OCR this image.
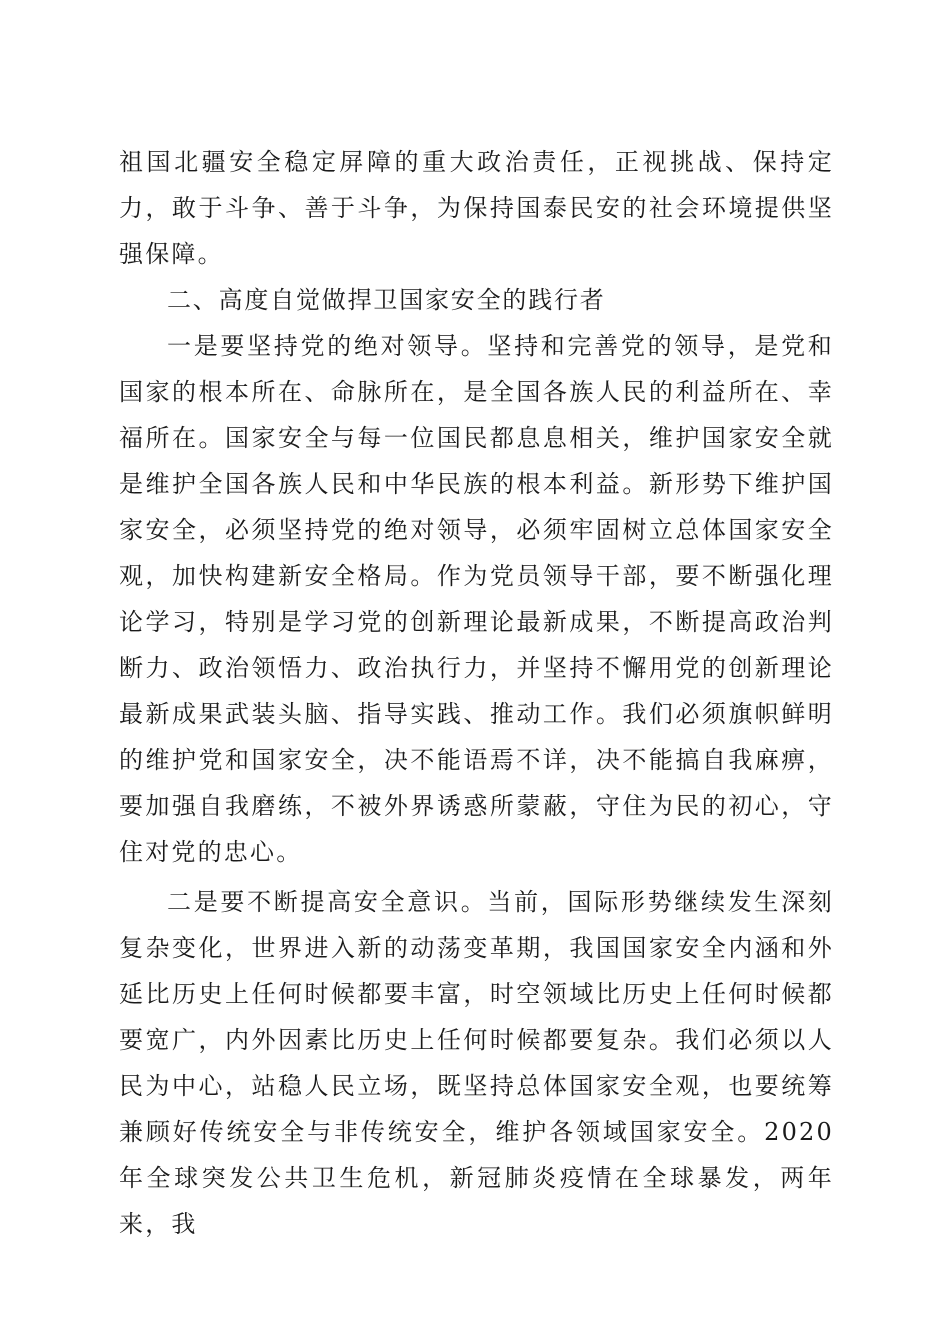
祖国北疆安全稳定屏障的重大政治责任，正视挑战、保持定力，敢于斗争、善于斗争，为保持国泰民安的社会环境提供坚强保障。

二、高度自觉做捍卫国家安全的践行者

一是要坚持党的绝对领导。坚持和完善党的领导，是党和国家的根本所在、命脉所在，是全国各族人民的利益所在、幸福所在。国家安全与每一位国民都息息相关，维护国家安全就是维护全国各族人民和中华民族的根本利益。新形势下维护国家安全，必须坚持党的绝对领导，必须牢固树立总体国家安全观，加快构建新安全格局。作为党员领导干部，要不断强化理论学习，特别是学习党的创新理论最新成果，不断提高政治判断力、政治领悟力、政治执行力，并坚持不懈用党的创新理论最新成果武装头脑、指导实践、推动工作。我们必须旗帜鲜明的维护党和国家安全，决不能语焉不详，决不能搞自我麻痹，要加强自我磨练，不被外界诱惑所蒙蔽，守住为民的初心，守住对党的忠心。

二是要不断提高安全意识。当前，国际形势继续发生深刻复杂变化，世界进入新的动荡变革期，我国国家安全内涵和外延比历史上任何时候都要丰富，时空领域比历史上任何时候都要宽广，内外因素比历史上任何时候都要复杂。我们必须以人民为中心，站稳人民立场，既坚持总体国家安全观，也要统筹兼顾好传统安全与非传统安全，维护各领域国家安全。2020 年全球突发公共卫生危机，新冠肺炎疫情在全球暴发，两年来，我
